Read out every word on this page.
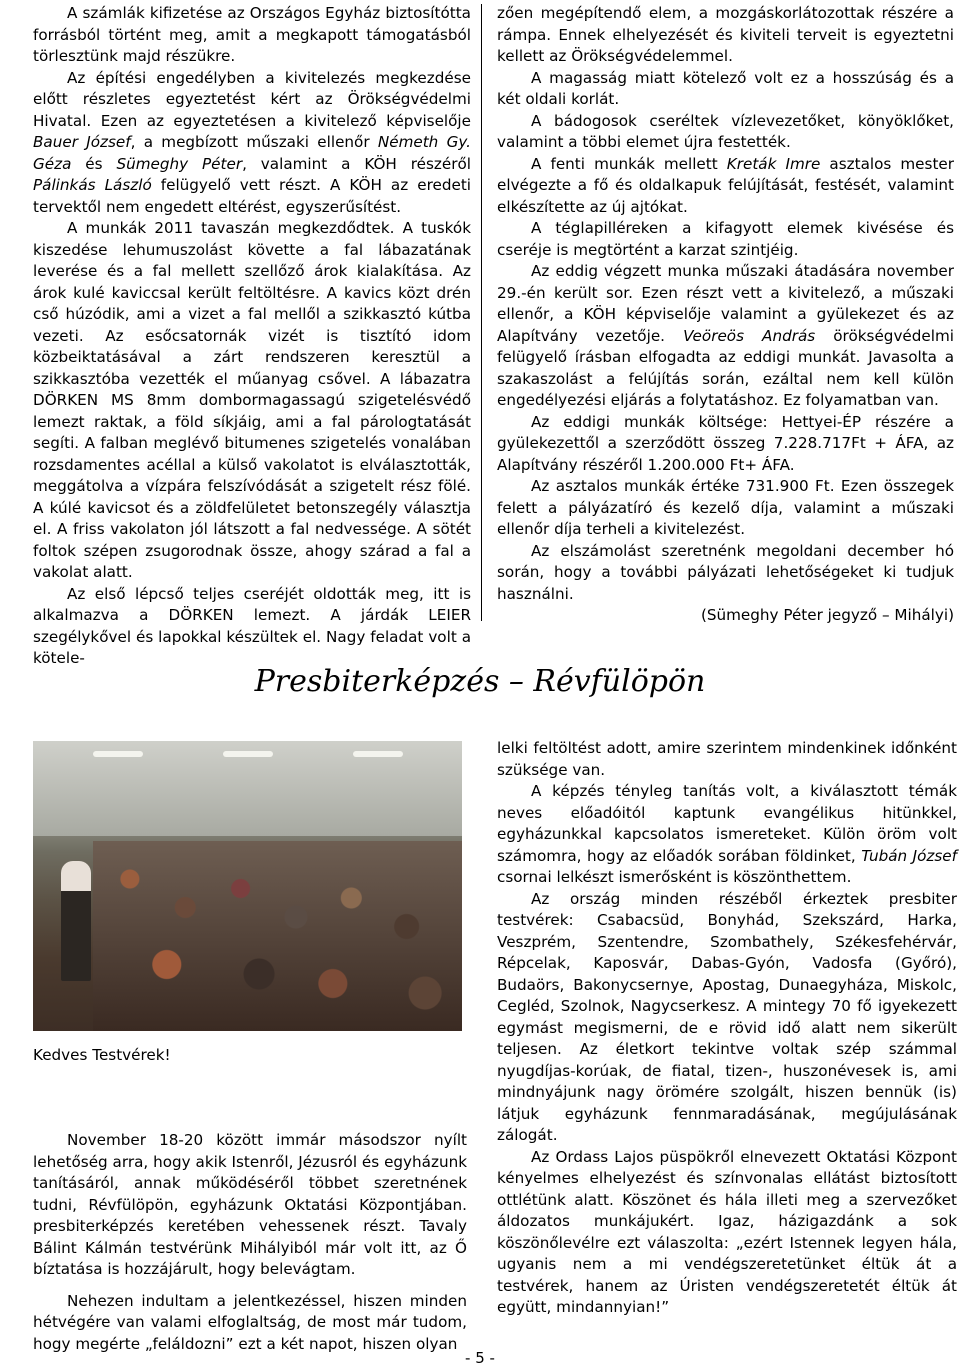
A számlák kifizetése az Országos Egyház biztosítótta forrásból történt meg, amit a megkapott támogatásból törlesztünk majd részükre.

Az építési engedélyben a kivitelezés megkezdése előtt részletes egyeztetést kért az Örökségvédelmi Hivatal. Ezen az egyeztetésen a kivitelező képviselője Bauer József, a megbízott műszaki ellenőr Németh Gy. Géza és Sümeghy Péter, valamint a KÖH részéről Pálinkás László felügyelő vett részt. A KÖH az eredeti tervektől nem engedett eltérést, egyszerűsítést.

A munkák 2011 tavaszán megkezdődtek. A tuskók kiszedése lehumuszolást követte a fal lábazatának leverése és a fal mellett szellőző árok kialakítása. Az árok kulé kaviccsal került feltöltésre. A kavics közt drén cső húzódik, ami a vizet a fal mellől a szikkasztó kútba vezeti. Az esőcsatornák vizét is tisztító idom közbeiktatásával a zárt rendszeren keresztül a szikkasztóba vezették el műanyag csővel. A lábazatra DÖRKEN MS 8mm dombormagassagú szigetelésvédő lemezt raktak, a föld síkjáig, ami a fal párologtatását segíti. A falban meglévő bitumenes szigetelés vonalában rozsdamentes acéllal a külső vakolatot is elválasztották, meggátolva a vízpára felszívódását a szigetelt rész fölé. A kúlé kavicsot és a zöldfelületet betonszegély választja el. A friss vakolaton jól látszott a fal nedvessége. A sötét foltok szépen zsugorodnak össze, ahogy szárad a fal a vakolat alatt.

Az első lépcső teljes cseréjét oldották meg, itt is alkalmazva a DÖRKEN lemezt. A járdák LEIER szegélykővel és lapokkal készültek el. Nagy feladat volt a kötele-

zően megépítendő elem, a mozgáskorlátozottak részére a rámpa. Ennek elhelyezését és kiviteli terveit is egyeztetni kellett az Örökségvédelemmel.

A magasság miatt kötelező volt ez a hosszúság és a két oldali korlát.

A bádogosok cseréltek vízlevezetőket, könyöklőket, valamint a többi elemet újra festették.

A fenti munkák mellett Kreták Imre asztalos mester elvégezte a fő és oldalkapuk felújítását, festését, valamint elkészítette az új ajtókat.

A téglapilléreken a kifagyott elemek kivésése és cseréje is megtörtént a karzat szintjéig.

Az eddig végzett munka műszaki átadására november 29.-én került sor. Ezen részt vett a kivitelező, a műszaki ellenőr, a KÖH képviselője valamint a gyülekezet és az Alapítvány vezetője. Veöreös András örökségvédelmi felügyelő írásban elfogadta az eddigi munkát. Javasolta a szakaszolást a felújítás során, ezáltal nem kell külön engedélyezési eljárás a folytatáshoz. Ez folyamatban van.

Az eddigi munkák költsége: Hettyei-ÉP részére a gyülekezettől a szerződött összeg 7.228.717Ft + ÁFA, az Alapítvány részéről 1.200.000 Ft+ ÁFA.

Az asztalos munkák értéke 731.900 Ft. Ezen összegek felett a pályázatíró és kezelő díja, valamint a műszaki ellenőr díja terheli a kivitelezést.

Az elszámolást szeretnénk megoldani december hó során, hogy a további pályázati lehetőségeket ki tudjuk használni.

(Sümeghy Péter jegyző – Mihályi)

Presbiterképzés – Révfülöpön
Kedves Testvérek!

November 18-20 között immár másodszor nyílt lehetőség arra, hogy akik Istenről, Jézusról és egyházunk tanításáról, annak működéséről többet szeretnének tudni, Révfülöpön, egyházunk Oktatási Központjában. presbiterképzés keretében vehessenek részt. Tavaly Bálint Kálmán testvérünk Mihályiból már volt itt, az Ő bíztatása is hozzájárult, hogy belevágtam.

Nehezen indultam a jelentkezéssel, hiszen minden hétvégére van valami elfoglaltság, de most már tudom, hogy megérte „feláldozni” ezt a két napot, hiszen olyan

lelki feltöltést adott, amire szerintem mindenkinek időnként szüksége van.

A képzés tényleg tanítás volt, a kiválasztott témák neves előadóitól kaptunk evangélikus hitünkkel, egyházunkkal kapcsolatos ismereteket. Külön öröm volt számomra, hogy az előadók sorában földinket, Tubán József csornai lelkészt ismerősként is köszönthettem.

Az ország minden részéből érkeztek presbiter testvérek: Csabacsüd, Bonyhád, Szekszárd, Harka, Veszprém, Szentendre, Szombathely, Székesfehérvár, Répcelak, Kaposvár, Dabas-Gyón, Vadosfa (Győró), Budaörs, Bakonycsernye, Apostag, Dunaegyháza, Miskolc, Cegléd, Szolnok, Nagycserkesz. A mintegy 70 fő igyekezett egymást megismerni, de e rövid idő alatt nem sikerült teljesen. Az életkort tekintve voltak szép számmal nyugdíjas-korúak, de fiatal, tizen-, huszonévesek is, ami mindnyájunk nagy örömére szolgált, hiszen bennük (is) látjuk egyházunk fennmaradásának, megújulásának zálogát.

Az Ordass Lajos püspökről elnevezett Oktatási Központ kényelmes elhelyezést és színvonalas ellátást biztosított ottlétünk alatt. Köszönet és hála illeti meg a szervezőket áldozatos munkájukért. Igaz, házigazdánk a sok köszönőlevélre ezt válaszolta: „ezért Istennek legyen hála, ugyanis nem a mi vendégszeretetünket éltük át a testvérek, hanem az Úristen vendégszeretetét éltük át együtt, mindannyian!”

- 5 -
